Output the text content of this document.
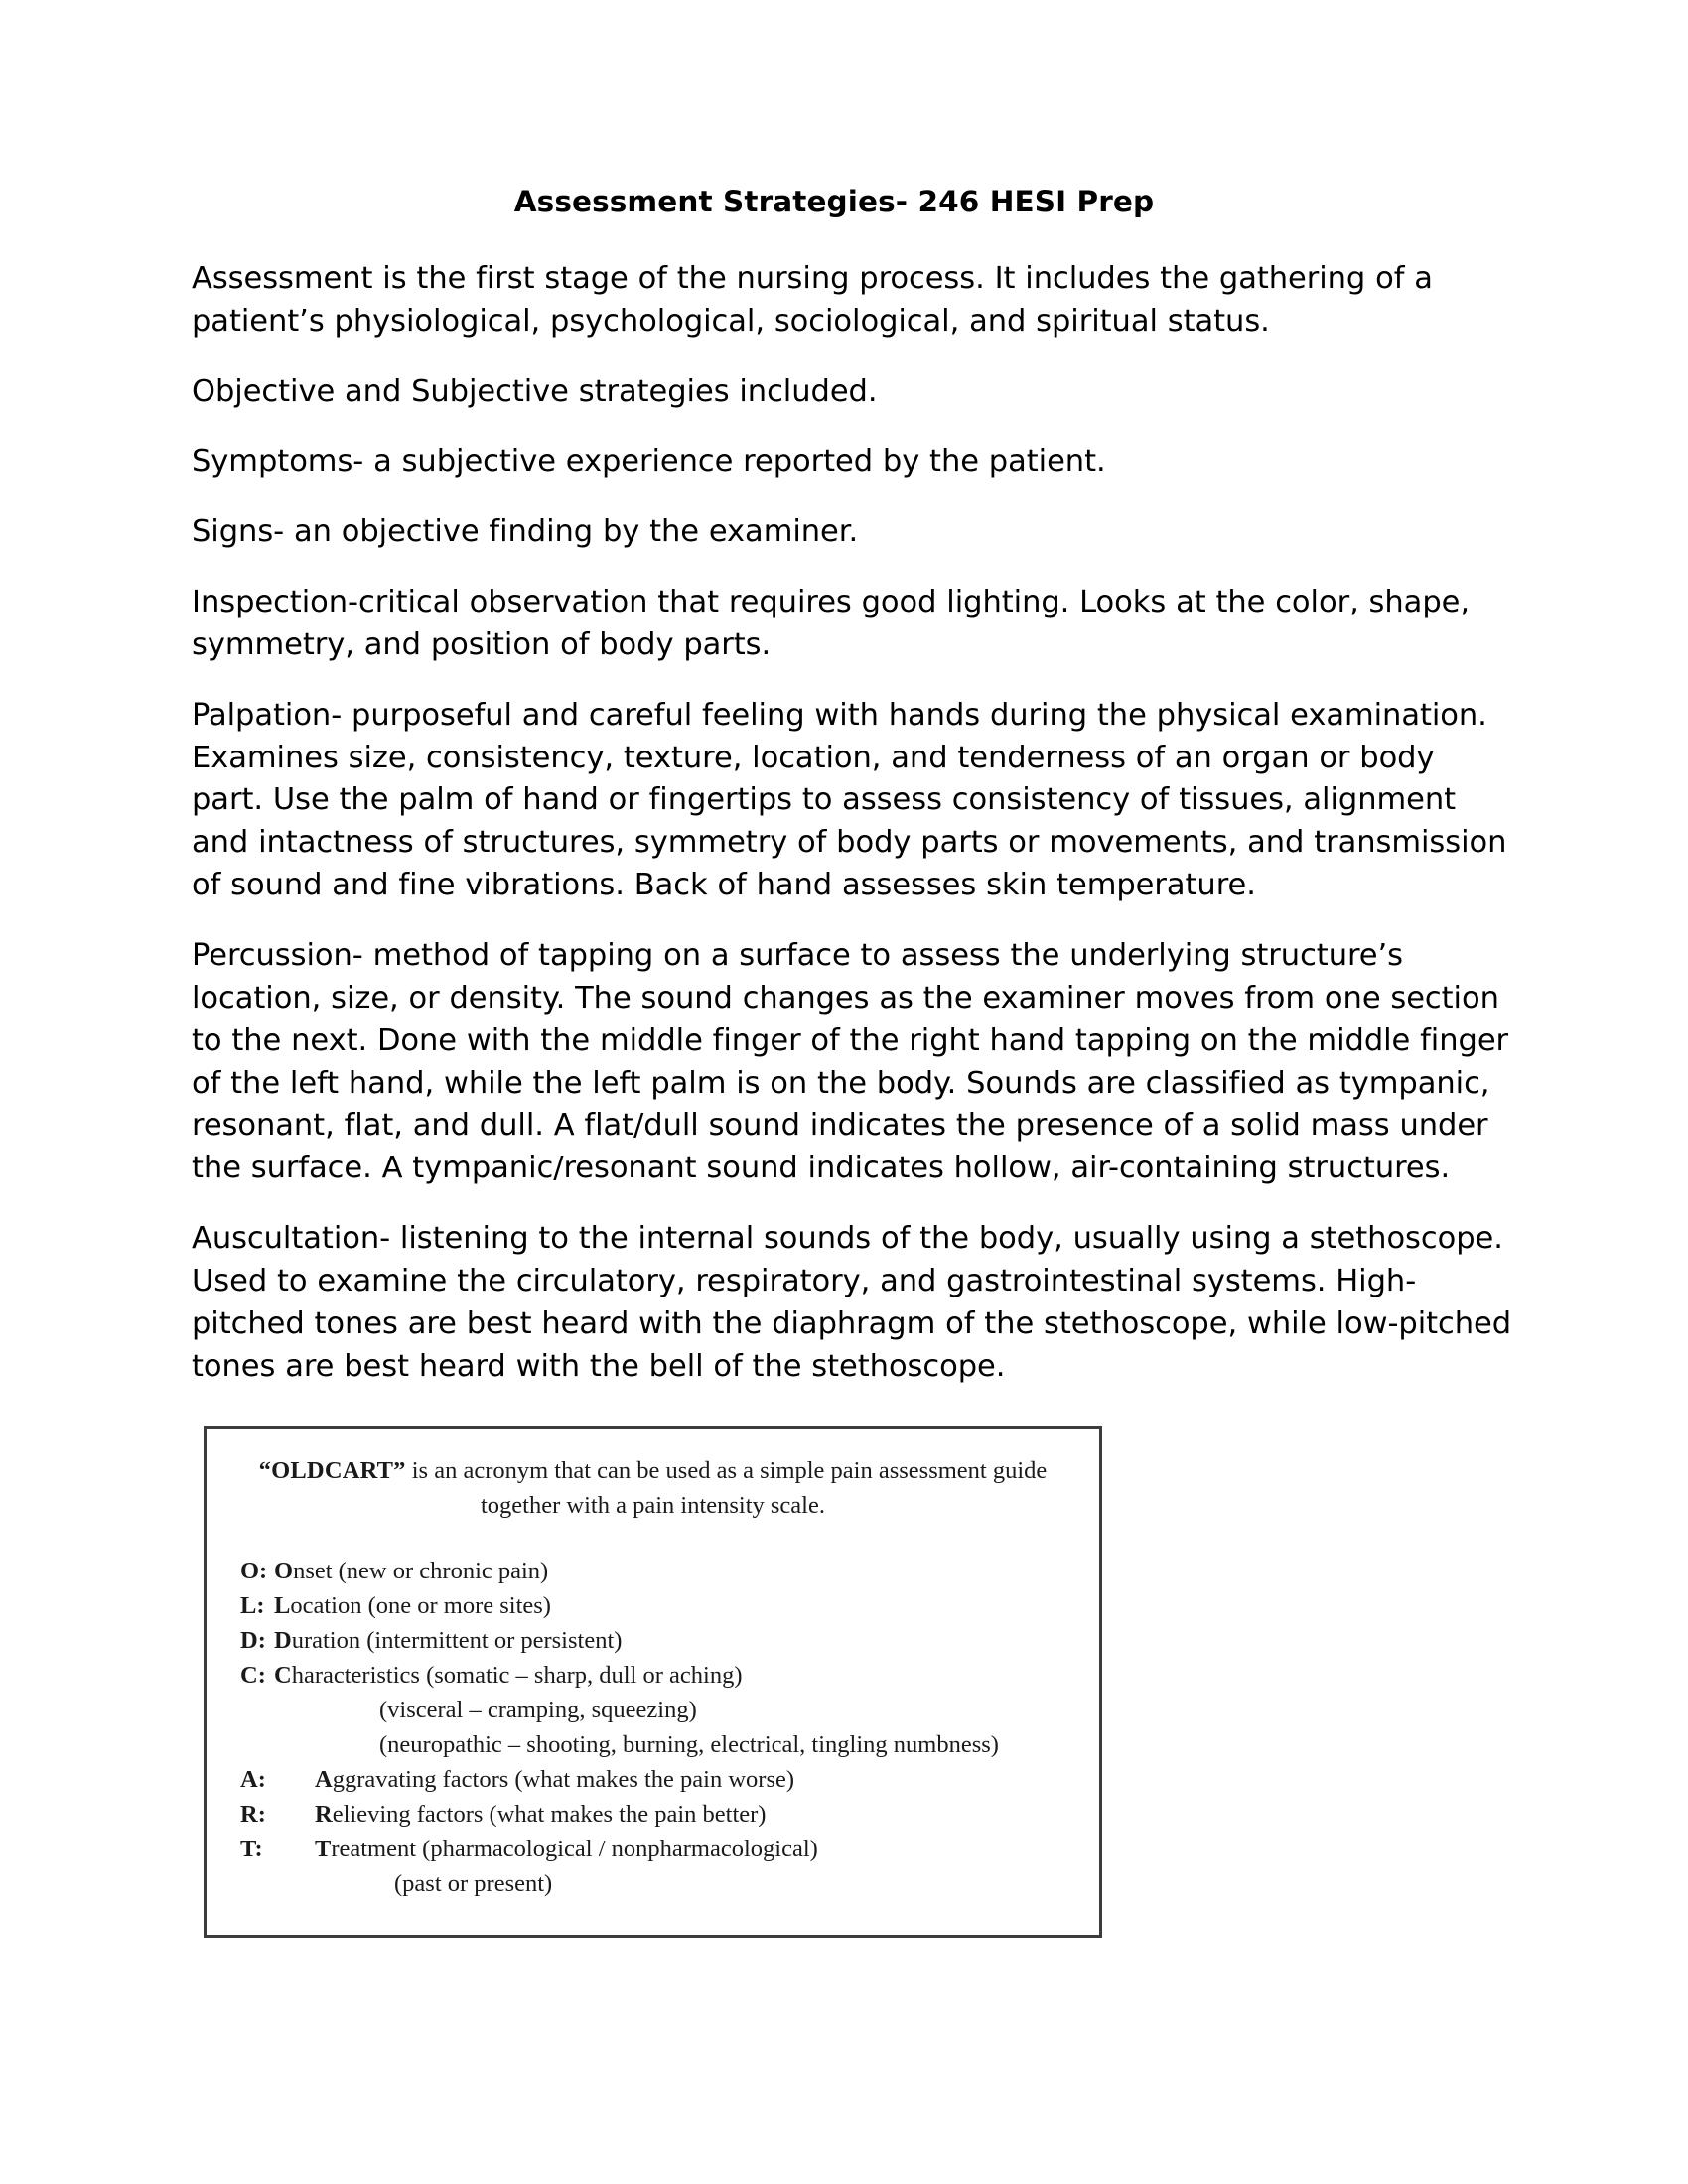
Assessment Strategies- 246 HESI Prep

Assessment is the first stage of the nursing process. It includes the gathering of a patient’s physiological, psychological, sociological, and spiritual status.

Objective and Subjective strategies included.

Symptoms- a subjective experience reported by the patient.

Signs- an objective finding by the examiner.

Inspection-critical observation that requires good lighting. Looks at the color, shape, symmetry, and position of body parts.

Palpation- purposeful and careful feeling with hands during the physical examination. Examines size, consistency, texture, location, and tenderness of an organ or body part. Use the palm of hand or fingertips to assess consistency of tissues, alignment and intactness of structures, symmetry of body parts or movements, and transmission of sound and fine vibrations. Back of hand assesses skin temperature.

Percussion- method of tapping on a surface to assess the underlying structure’s location, size, or density. The sound changes as the examiner moves from one section to the next. Done with the middle finger of the right hand tapping on the middle finger of the left hand, while the left palm is on the body. Sounds are classified as tympanic, resonant, flat, and dull. A flat/dull sound indicates the presence of a solid mass under the surface. A tympanic/resonant sound indicates hollow, air-containing structures.

Auscultation- listening to the internal sounds of the body, usually using a stethoscope. Used to examine the circulatory, respiratory, and gastrointestinal systems. High-pitched tones are best heard with the diaphragm of the stethoscope, while low-pitched tones are best heard with the bell of the stethoscope.

“OLDCART” is an acronym that can be used as a simple pain assessment guide
together with a pain intensity scale.
O: Onset (new or chronic pain)
L: Location (one or more sites)
D: Duration (intermittent or persistent)
C: Characteristics (somatic – sharp, dull or aching)
(visceral – cramping, squeezing)
(neuropathic – shooting, burning, electrical, tingling numbness)
A:	Aggravating factors (what makes the pain worse)
R:	Relieving factors (what makes the pain better)
T:	Treatment (pharmacological / nonpharmacological)
(past or present)
